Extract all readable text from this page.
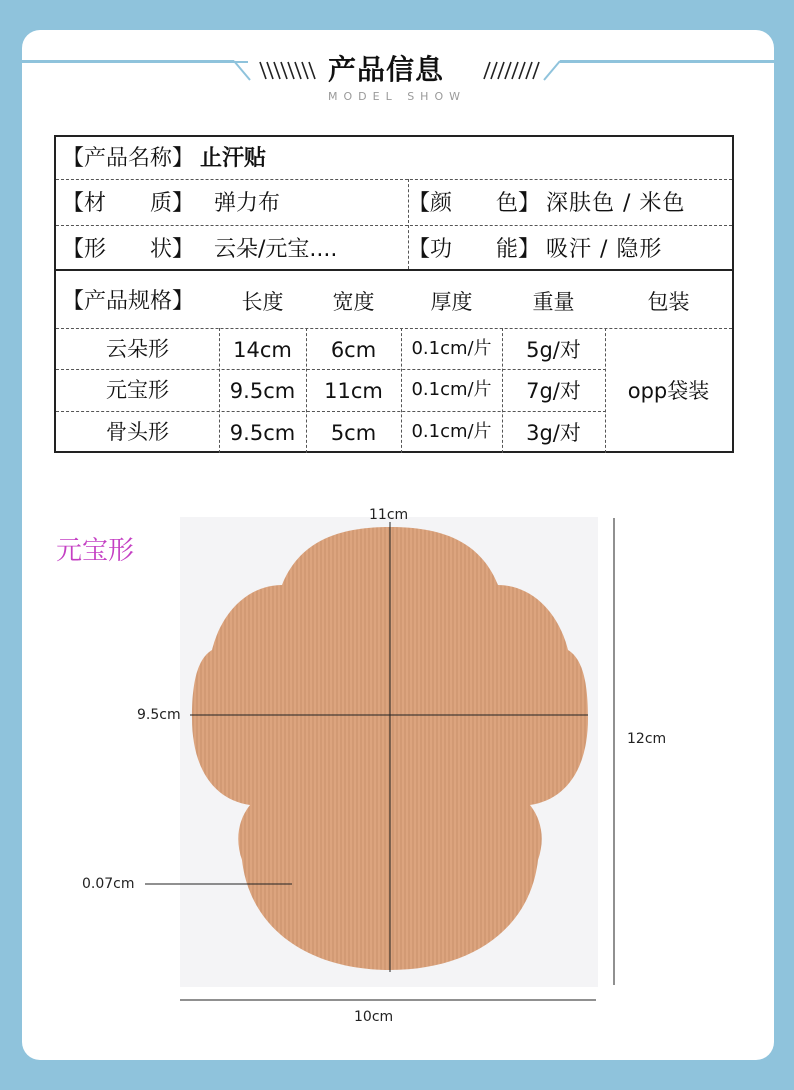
产品信息
MODEL SHOW
【产品名称】 止汗贴
【材　　质】 弹力布	【颜　　色】 深肤色 / 米色
【形　　状】 云朵/元宝....	【功　　能】 吸汗 / 隐形
【产品规格】	长度	宽度	厚度	重量	包装
云朵形	14cm	6cm	0.1cm/片	5g/对
元宝形	9.5cm	11cm	0.1cm/片	7g/对
骨头形	9.5cm	5cm	0.1cm/片	3g/对
opp袋装
元宝形
11cm
9.5cm
12cm
10cm
0.07cm
